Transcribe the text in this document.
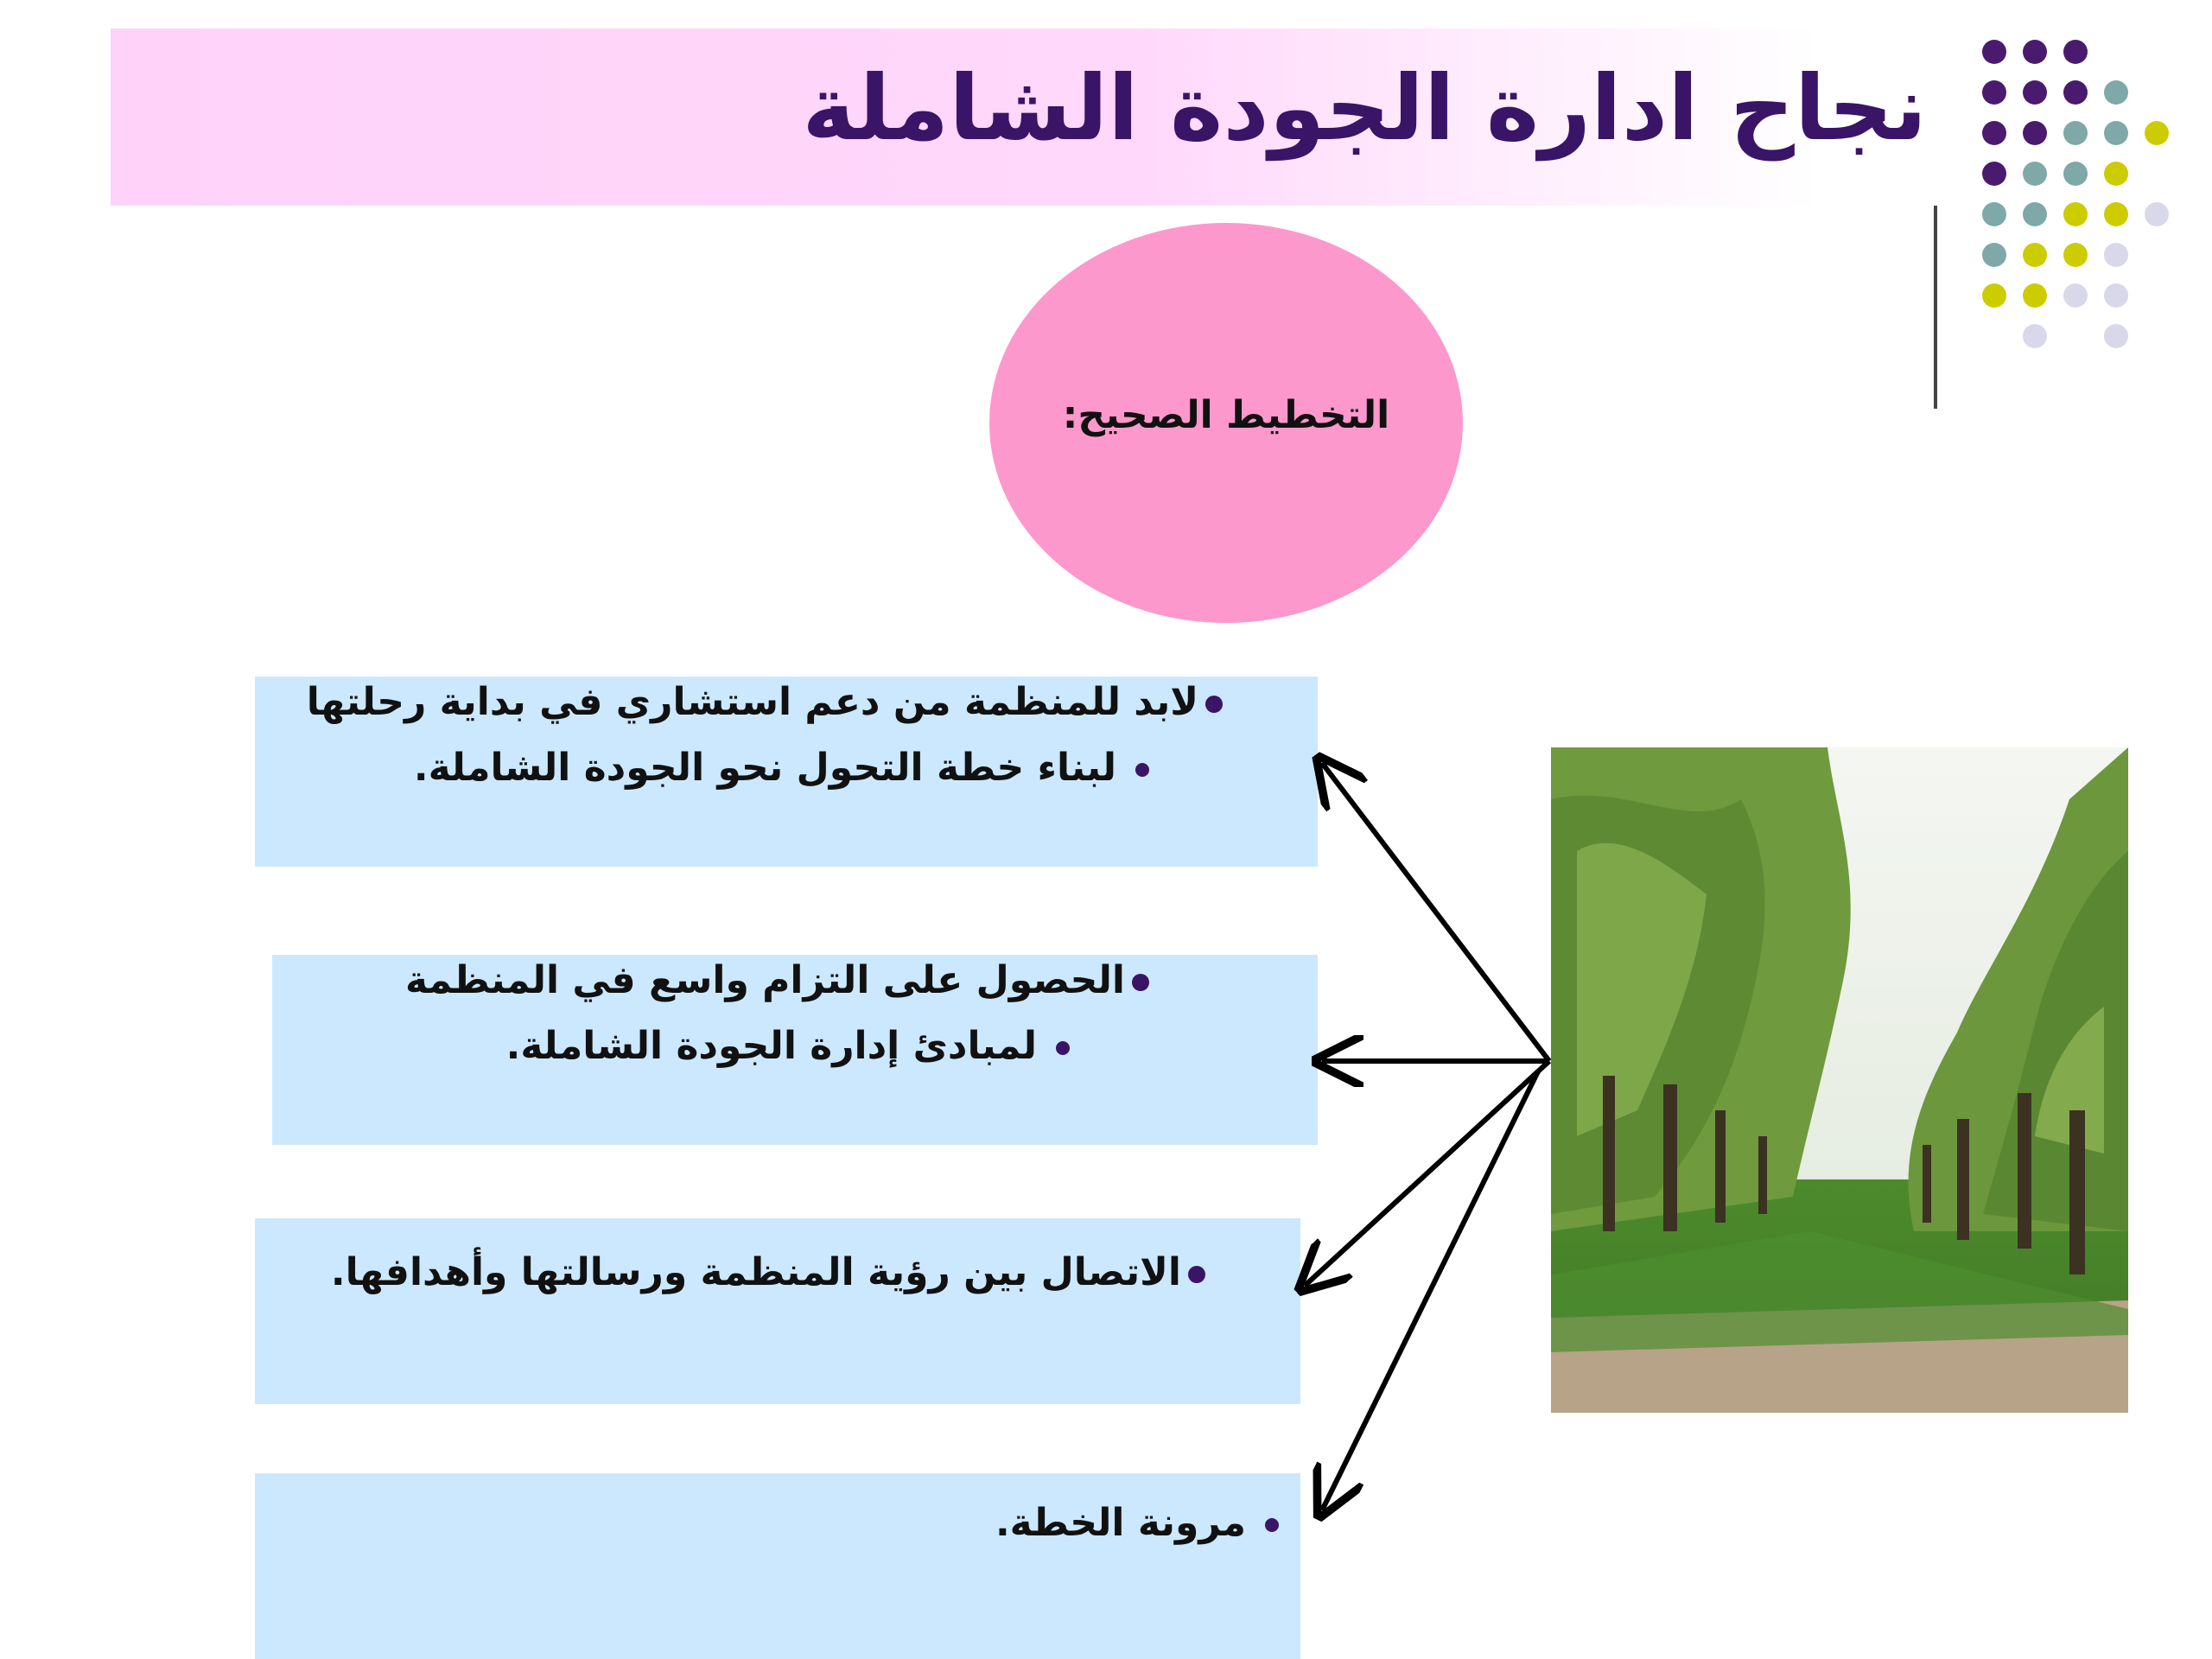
نجاح ادارة الجودة الشاملة
التخطيط الصحيح:
لابد للمنظمة من دعم استشاري في بداية رحلتها
لبناء خطة التحول نحو الجودة الشاملة.
الحصول على التزام واسع في المنظمة
لمبادئ إدارة الجودة الشاملة.
الاتصال بين رؤية المنظمة ورسالتها وأهدافها.
مرونة الخطة.
